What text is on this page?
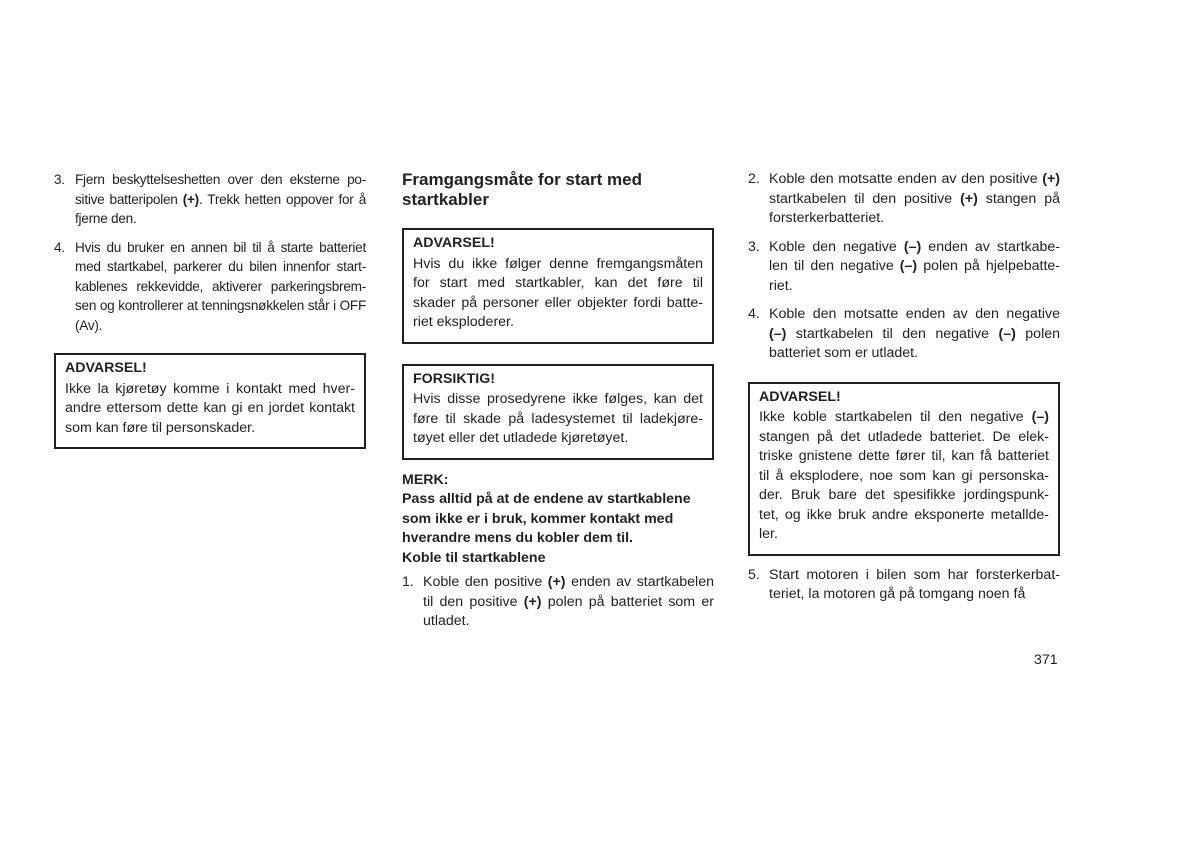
3. Fjern beskyttelseshetten over den eksterne po- sitive batteripolen (+). Trekk hetten oppover for å fjerne den.
4. Hvis du bruker en annen bil til å starte batteriet med startkabel, parkerer du bilen innenfor start- kablenes rekkevidde, aktiverer parkeringsbrem- sen og kontrollerer at tenningsnøkkelen står i OFF (Av).
ADVARSEL!
Ikke la kjøretøy komme i kontakt med hver- andre ettersom dette kan gi en jordet kontakt som kan føre til personskader.
Framgangsmåte for start med
startkabler
ADVARSEL!
Hvis du ikke følger denne fremgangsmåten for start med startkabler, kan det føre til skader på personer eller objekter fordi batte- riet eksploderer.
FORSIKTIG!
Hvis disse prosedyrene ikke følges, kan det føre til skade på ladesystemet til ladekjøre- tøyet eller det utladede kjøretøyet.
MERK:
Pass alltid på at de endene av startkablene som ikke er i bruk, kommer kontakt med hverandre mens du kobler dem til.
Koble til startkablene
1. Koble den positive (+) enden av startkabelen til den positive (+) polen på batteriet som er utladet.
2. Koble den motsatte enden av den positive (+) startkabelen til den positive (+) stangen på forsterkerbatteriet.
3. Koble den negative (–) enden av startkabe- len til den negative (–) polen på hjelpebatte- riet.
4. Koble den motsatte enden av den negative (–) startkabelen til den negative (–) polen batteriet som er utladet.
ADVARSEL!
Ikke koble startkabelen til den negative (–) stangen på det utladede batteriet. De elek- triske gnistene dette fører til, kan få batteriet til å eksplodere, noe som kan gi personska- der. Bruk bare det spesifikke jordingspunk- tet, og ikke bruk andre eksponerte metallde- ler.
5. Start motoren i bilen som har forsterkerbat- teriet, la motoren gå på tomgang noen få
371
